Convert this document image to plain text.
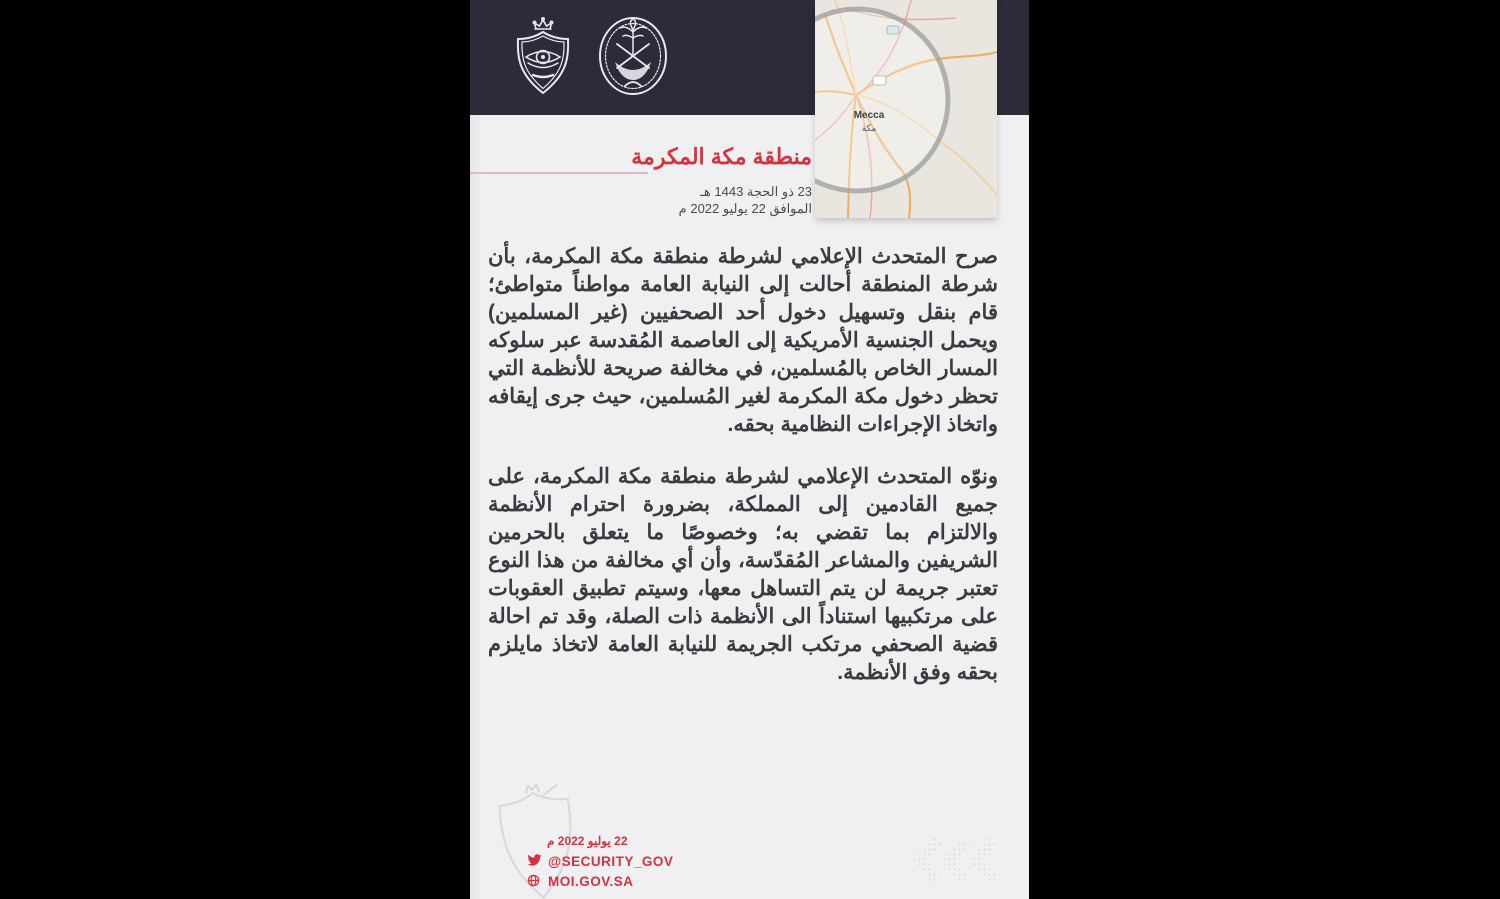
Mecca
مكة
منطقة مكة المكرمة
23 ذو الحجة 1443 هـ
الموافق 22 يوليو 2022 م

صرح المتحدث الإعلامي لشرطة منطقة مكة المكرمة، بأن شرطة المنطقة أحالت إلى النيابة العامة مواطناً متواطئ؛ قام بنقل وتسهيل دخول أحد الصحفيين (غير المسلمين) ويحمل الجنسية الأمريكية إلى العاصمة المُقدسة عبر سلوكه المسار الخاص بالمُسلمين، في مخالفة صريحة للأنظمة التي تحظر دخول مكة المكرمة لغير المُسلمين، حيث جرى إيقافه واتخاذ الإجراءات النظامية بحقه.

ونوّه المتحدث الإعلامي لشرطة منطقة مكة المكرمة، على جميع القادمين إلى المملكة، بضرورة احترام الأنظمة والالتزام بما تقضي به؛ وخصوصًا ما يتعلق بالحرمين الشريفين والمشاعر المُقدّسة، وأن أي مخالفة من هذا النوع تعتبر جريمة لن يتم التساهل معها، وسيتم تطبيق العقوبات على مرتكبيها استناداً الى الأنظمة ذات الصلة، وقد تم احالة قضية الصحفي مرتكب الجريمة للنيابة العامة لاتخاذ مايلزم بحقه وفق الأنظمة.

22 يوليو 2022 م
@SECURITY_GOV
MOI.GOV.SA
